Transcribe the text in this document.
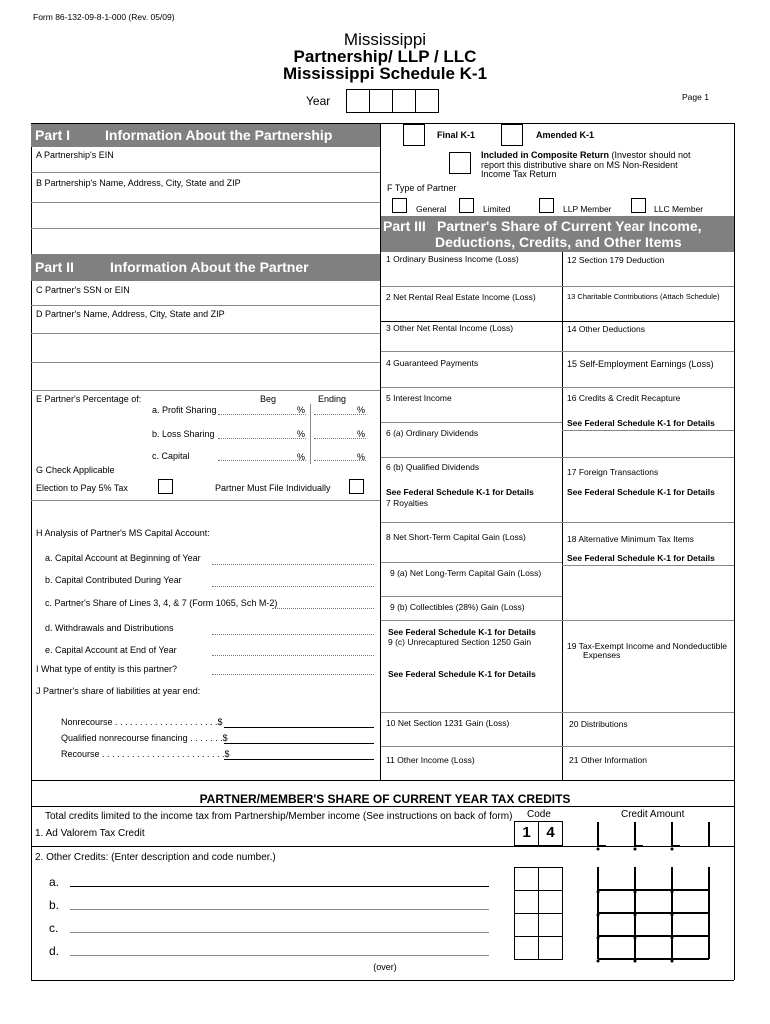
Form 86-132-09-8-1-000 (Rev. 05/09)
Mississippi
Partnership/ LLP / LLC
Mississippi Schedule K-1
Year	Page 1
Part I Information About the Partnership
A Partnership's EIN
B Partnership's Name, Address, City, State and ZIP
Final K-1	Amended K-1
Included in Composite Return (Investor should not
report this distributive share on MS Non-Resident
Income Tax Return
F Type of Partner
General	Limited	LLP Member	LLC Member
Part III Partner's Share of Current Year Income,
Deductions, Credits, and Other Items
Part II	Information About the Partner
C Partner's SSN or EIN
D Partner's Name, Address, City, State and ZIP
E Partner's Percentage of:	Beg	Ending
a. Profit Sharing	%	%
b. Loss Sharing	%	%
c. Capital	%	%
G Check Applicable
Election to Pay 5% Tax	Partner Must File Individually
H Analysis of Partner's MS Capital Account:
a. Capital Account at Beginning of Year
b. Capital Contributed During Year
c. Partner's Share of Lines 3, 4, & 7 (Form 1065, Sch M-2)
d. Withdrawals and Distributions
e. Capital Account at End of Year
I What type of entity is this partner?
J Partner's share of liabilities at year end:
Nonrecourse . . . . . . . . . . . . . . . . . . . . .$
Qualified nonrecourse financing . . . . . . .$
Recourse . . . . . . . . . . . . . . . . . . . . . . . . .$
1 Ordinary Business Income (Loss)
2 Net Rental Real Estate Income (Loss)
3 Other Net Rental Income (Loss)
4 Guaranteed Payments
5 Interest Income
6 (a) Ordinary Dividends
6 (b) Qualified Dividends
See Federal Schedule K-1 for Details
7 Royalties
8 Net Short-Term Capital Gain (Loss)
9 (a) Net Long-Term Capital Gain (Loss)
9 (b) Collectibles (28%) Gain (Loss)
See Federal Schedule K-1 for Details
9 (c) Unrecaptured Section 1250 Gain
See Federal Schedule K-1 for Details
10 Net Section 1231 Gain (Loss)
11 Other Income (Loss)
12 Section 179 Deduction
13 Charitable Contributions (Attach Schedule)
14 Other Deductions
15 Self-Employment Earnings (Loss)
16 Credits & Credit Recapture
See Federal Schedule K-1 for Details
17 Foreign Transactions
See Federal Schedule K-1 for Details
18 Alternative Minimum Tax Items
See Federal Schedule K-1 for Details
19 Tax-Exempt Income and Nondeductible
Expenses
20 Distributions
21 Other Information
PARTNER/MEMBER'S SHARE OF CURRENT YEAR TAX CREDITS
Total credits limited to the income tax from Partnership/Member income (See instructions on back of form) Code	Credit Amount
1. Ad Valorem Tax Credit	1	4
2. Other Credits: (Enter description and code number.)
a.
b.
c.
d.
(over)
